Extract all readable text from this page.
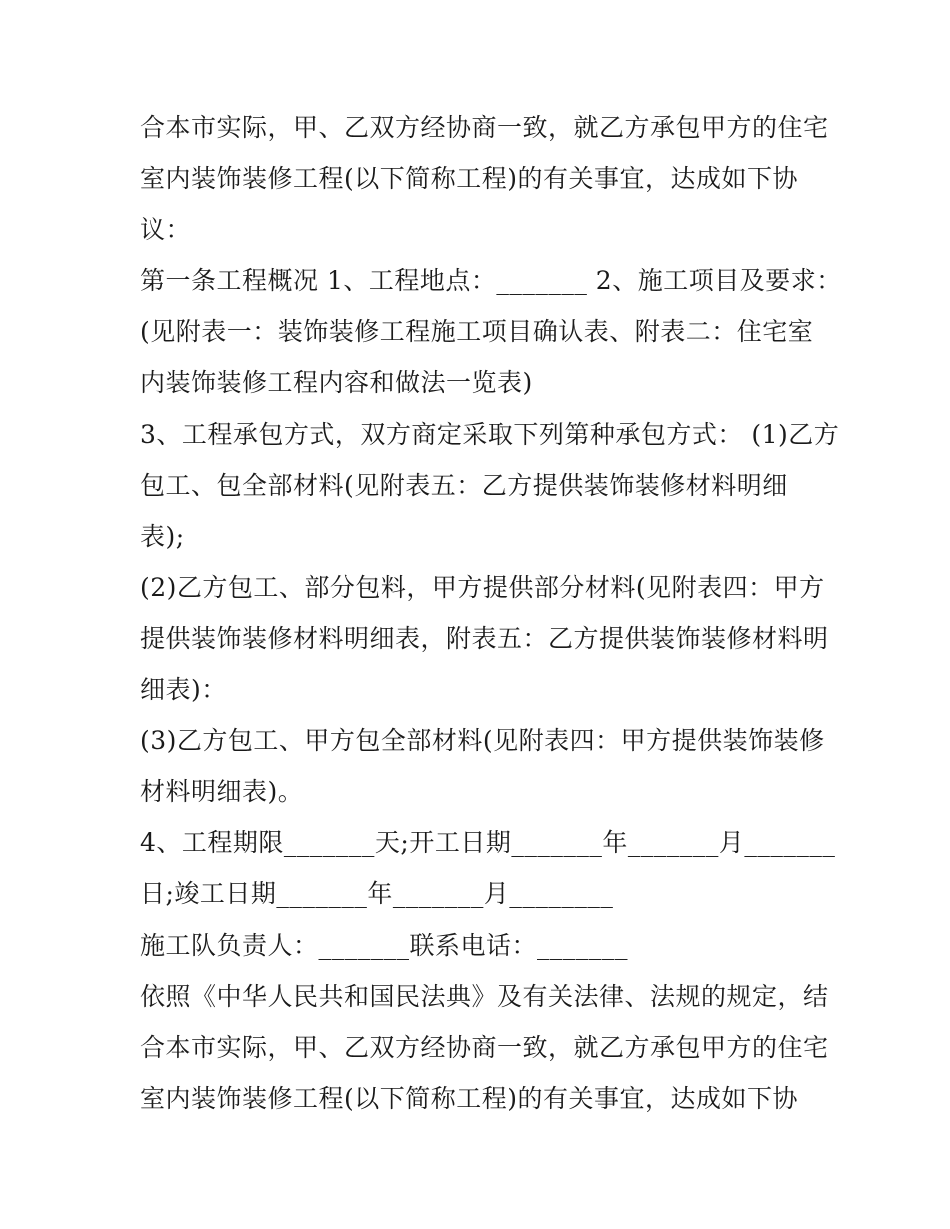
合本市实际，甲、乙双方经协商一致，就乙方承包甲方的住宅
室内装饰装修工程(以下简称工程)的有关事宜，达成如下协
议：
第一条工程概况 1、工程地点：_______ 2、施工项目及要求：
(见附表一：装饰装修工程施工项目确认表、附表二：住宅室
内装饰装修工程内容和做法一览表)
3、工程承包方式，双方商定采取下列第种承包方式： (1)乙方
包工、包全部材料(见附表五：乙方提供装饰装修材料明细
表);
(2)乙方包工、部分包料，甲方提供部分材料(见附表四：甲方
提供装饰装修材料明细表，附表五：乙方提供装饰装修材料明
细表)：
(3)乙方包工、甲方包全部材料(见附表四：甲方提供装饰装修
材料明细表)。
4、工程期限_______天;开工日期_______年_______月_______
日;竣工日期_______年_______月________
施工队负责人：_______联系电话：_______
依照《中华人民共和国民法典》及有关法律、法规的规定，结
合本市实际，甲、乙双方经协商一致，就乙方承包甲方的住宅
室内装饰装修工程(以下简称工程)的有关事宜，达成如下协
